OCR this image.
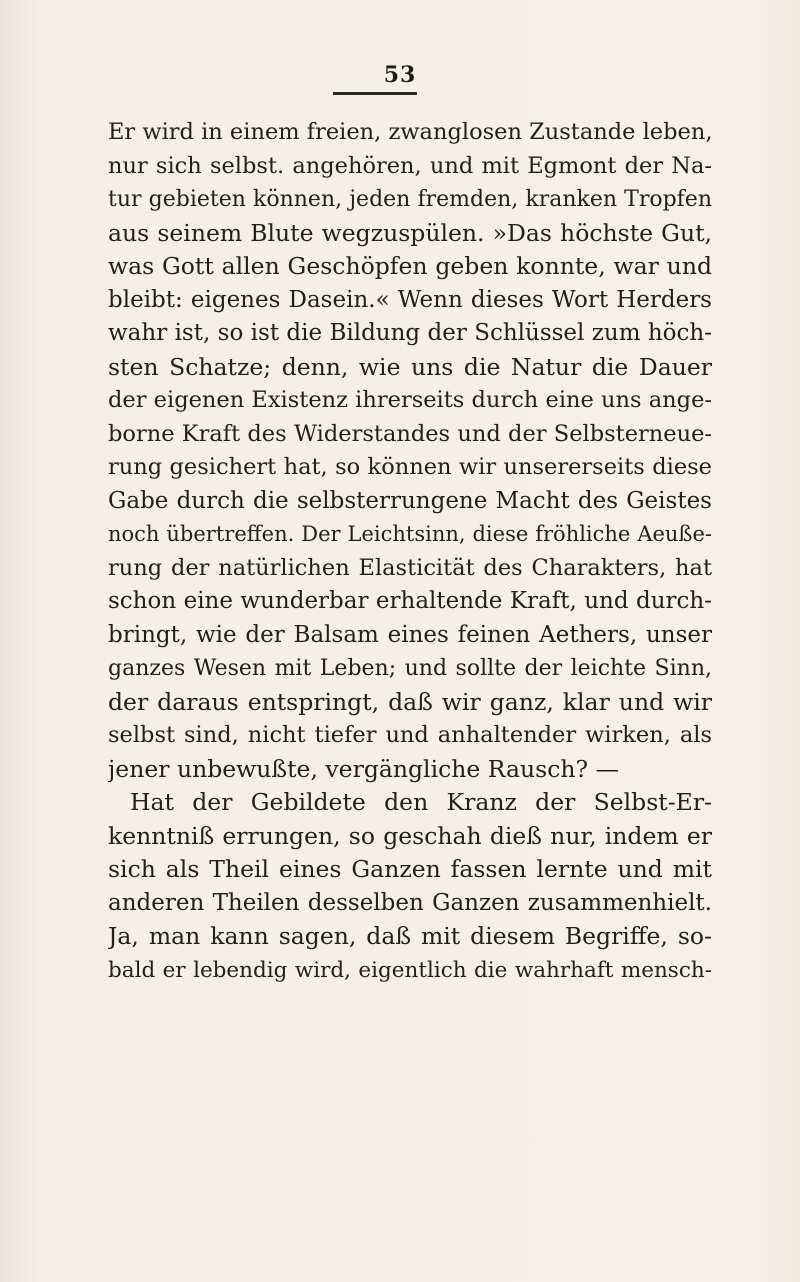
53
Er wird in einem freien, zwanglosen Zustande leben,
nur sich selbst. angehören, und mit Egmont der Na-
tur gebieten können, jeden fremden, kranken Tropfen
aus seinem Blute wegzuspülen. »Das höchste Gut,
was Gott allen Geschöpfen geben konnte, war und
bleibt: eigenes Dasein.« Wenn dieses Wort Herders
wahr ist, so ist die Bildung der Schlüssel zum höch-
sten Schatze; denn, wie uns die Natur die Dauer
der eigenen Existenz ihrerseits durch eine uns ange-
borne Kraft des Widerstandes und der Selbsterneue-
rung gesichert hat, so können wir unsererseits diese
Gabe durch die selbsterrungene Macht des Geistes
noch übertreffen. Der Leichtsinn, diese fröhliche Aeuße-
rung der natürlichen Elasticität des Charakters, hat
schon eine wunderbar erhaltende Kraft, und durch-
bringt, wie der Balsam eines feinen Aethers, unser
ganzes Wesen mit Leben; und sollte der leichte Sinn,
der daraus entspringt, daß wir ganz, klar und wir
selbst sind, nicht tiefer und anhaltender wirken, als
jener unbewußte, vergängliche Rausch? —
Hat der Gebildete den Kranz der Selbst-Er-
kenntniß errungen, so geschah dieß nur, indem er
sich als Theil eines Ganzen fassen lernte und mit
anderen Theilen desselben Ganzen zusammenhielt.
Ja, man kann sagen, daß mit diesem Begriffe, so-
bald er lebendig wird, eigentlich die wahrhaft mensch-
